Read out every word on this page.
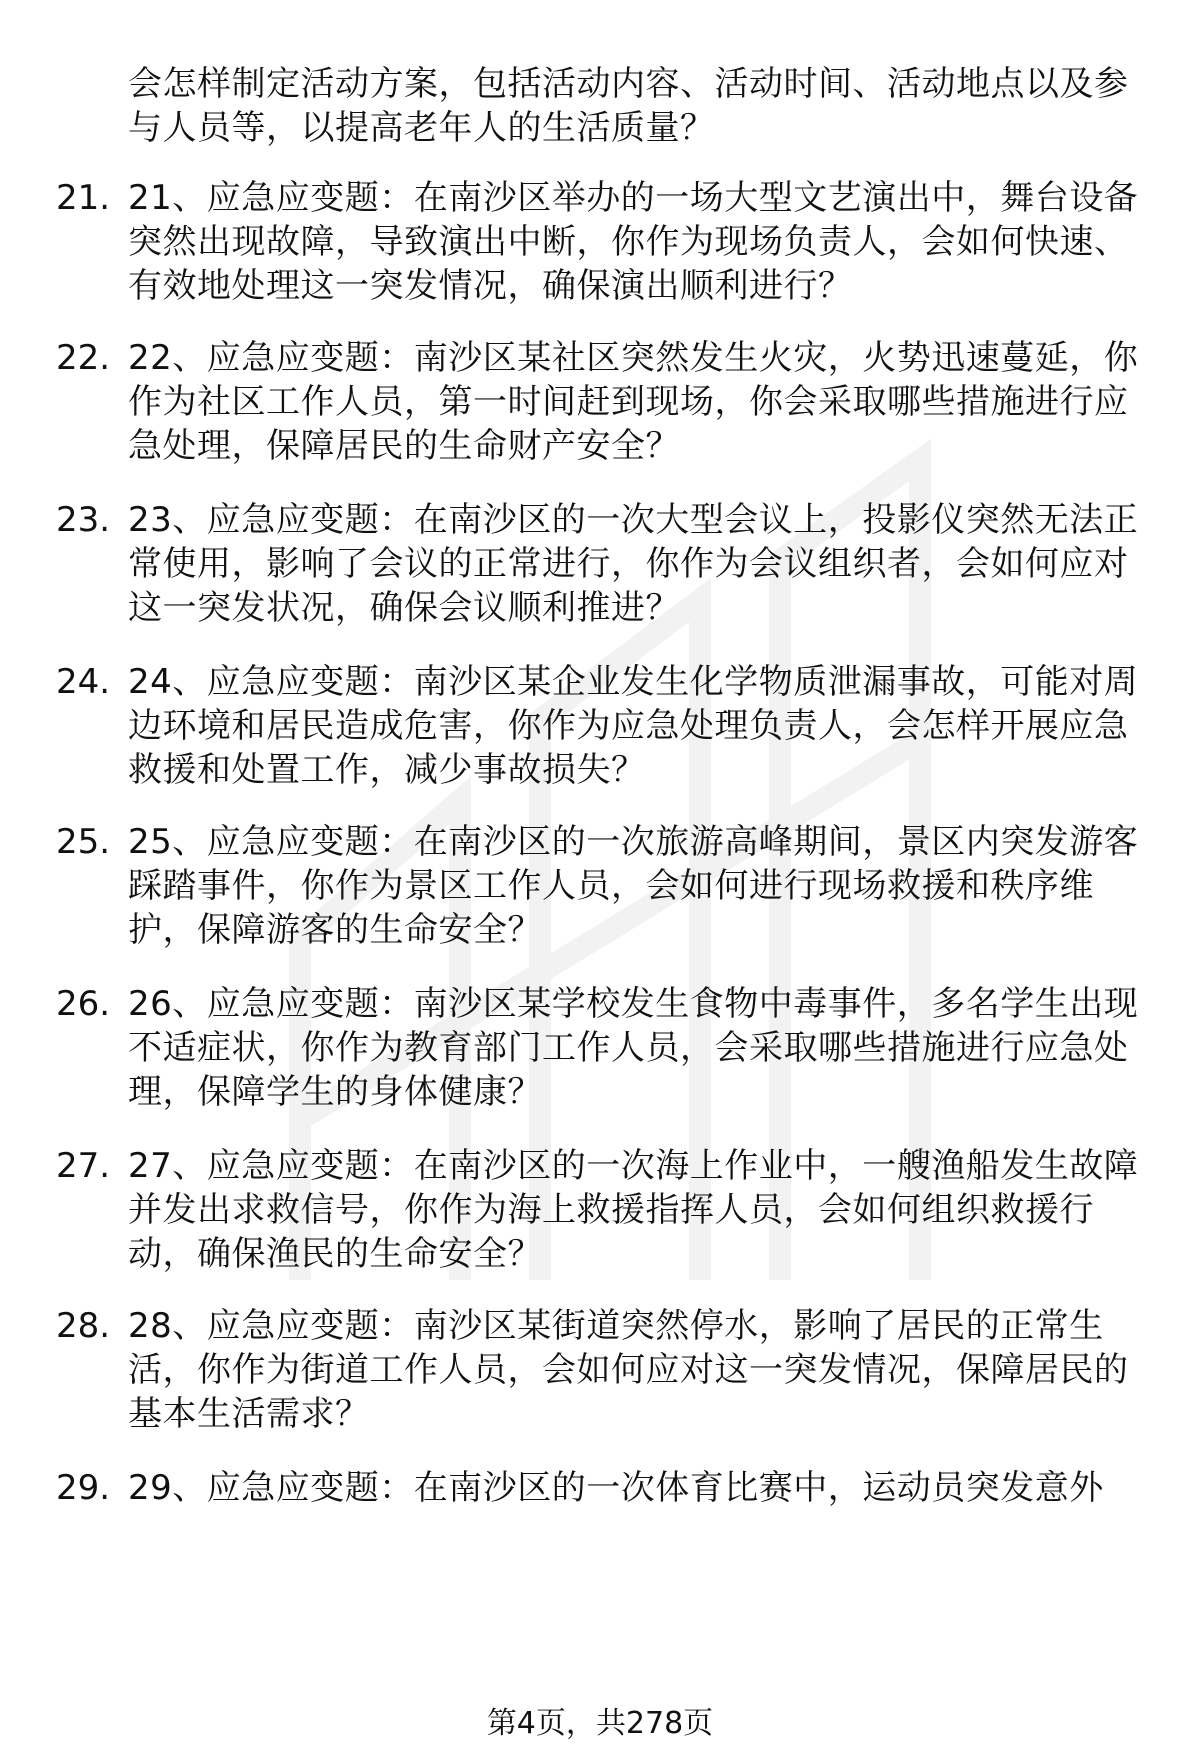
会怎样制定活动方案，包括活动内容、活动时间、活动地点以及参与人员等，以提高老年人的生活质量？
21. 21、应急应变题：在南沙区举办的一场大型文艺演出中，舞台设备突然出现故障，导致演出中断，你作为现场负责人，会如何快速、有效地处理这一突发情况，确保演出顺利进行？
22. 22、应急应变题：南沙区某社区突然发生火灾，火势迅速蔓延，你作为社区工作人员，第一时间赶到现场，你会采取哪些措施进行应急处理，保障居民的生命财产安全？
23. 23、应急应变题：在南沙区的一次大型会议上，投影仪突然无法正常使用，影响了会议的正常进行，你作为会议组织者，会如何应对这一突发状况，确保会议顺利推进？
24. 24、应急应变题：南沙区某企业发生化学物质泄漏事故，可能对周边环境和居民造成危害，你作为应急处理负责人，会怎样开展应急救援和处置工作，减少事故损失？
25. 25、应急应变题：在南沙区的一次旅游高峰期间，景区内突发游客踩踏事件，你作为景区工作人员，会如何进行现场救援和秩序维护，保障游客的生命安全？
26. 26、应急应变题：南沙区某学校发生食物中毒事件，多名学生出现不适症状，你作为教育部门工作人员，会采取哪些措施进行应急处理，保障学生的身体健康？
27. 27、应急应变题：在南沙区的一次海上作业中，一艘渔船发生故障并发出求救信号，你作为海上救援指挥人员，会如何组织救援行动，确保渔民的生命安全？
28. 28、应急应变题：南沙区某街道突然停水，影响了居民的正常生活，你作为街道工作人员，会如何应对这一突发情况，保障居民的基本生活需求？
29. 29、应急应变题：在南沙区的一次体育比赛中，运动员突发意外
第4页，共278页
